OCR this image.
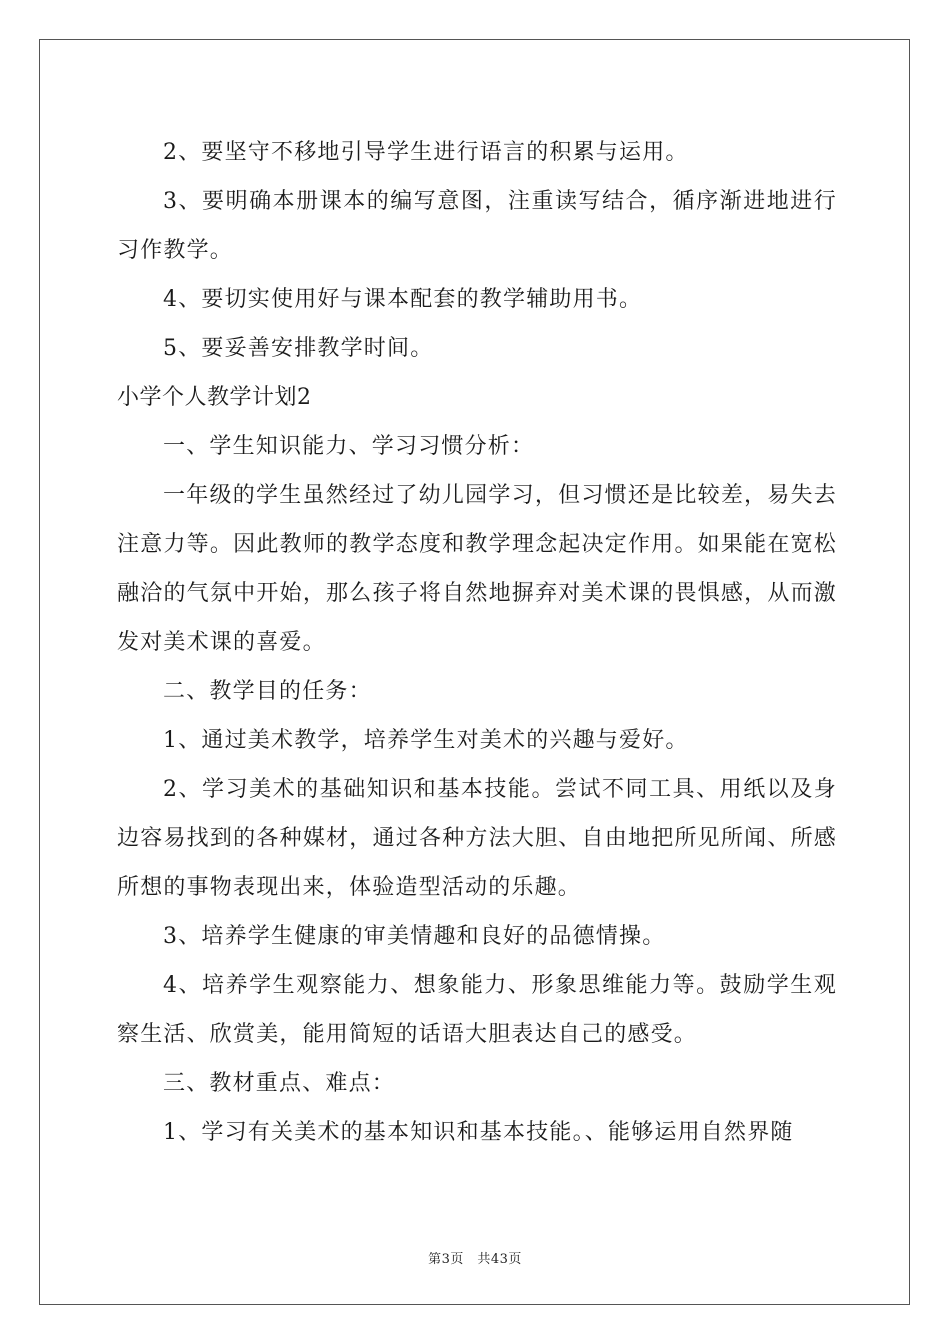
2、要坚守不移地引导学生进行语言的积累与运用。

3、要明确本册课本的编写意图，注重读写结合，循序渐进地进行习作教学。

4、要切实使用好与课本配套的教学辅助用书。

5、要妥善安排教学时间。

小学个人教学计划2

一、学生知识能力、学习习惯分析：

一年级的学生虽然经过了幼儿园学习，但习惯还是比较差，易失去注意力等。因此教师的教学态度和教学理念起决定作用。如果能在宽松融洽的气氛中开始，那么孩子将自然地摒弃对美术课的畏惧感，从而激发对美术课的喜爱。

二、教学目的任务：

1、通过美术教学，培养学生对美术的兴趣与爱好。

2、学习美术的基础知识和基本技能。尝试不同工具、用纸以及身边容易找到的各种媒材，通过各种方法大胆、自由地把所见所闻、所感所想的事物表现出来，体验造型活动的乐趣。

3、培养学生健康的审美情趣和良好的品德情操。

4、培养学生观察能力、想象能力、形象思维能力等。鼓励学生观察生活、欣赏美，能用简短的话语大胆表达自己的感受。

三、教材重点、难点：

1、学习有关美术的基本知识和基本技能。、能够运用自然界随

第3页　共43页
